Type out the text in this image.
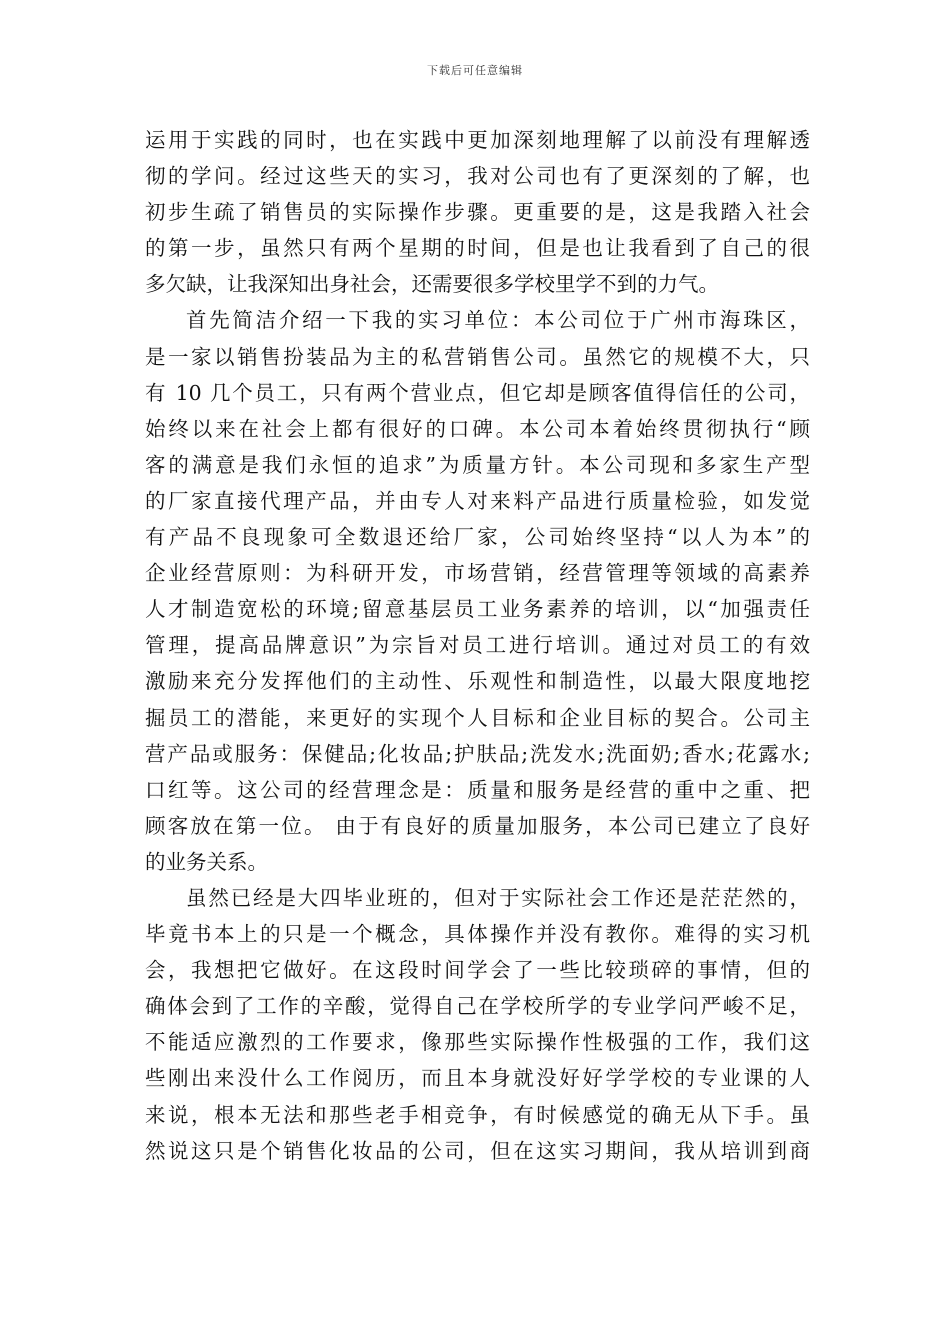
下载后可任意编辑
运用于实践的同时，也在实践中更加深刻地理解了以前没有理解透
彻的学问。经过这些天的实习，我对公司也有了更深刻的了解，也
初步生疏了销售员的实际操作步骤。更重要的是，这是我踏入社会
的第一步，虽然只有两个星期的时间，但是也让我看到了自己的很
多欠缺，让我深知出身社会，还需要很多学校里学不到的力气。
首先简洁介绍一下我的实习单位：本公司位于广州市海珠区，
是一家以销售扮装品为主的私营销售公司。虽然它的规模不大，只
有 10 几个员工，只有两个营业点，但它却是顾客值得信任的公司，
始终以来在社会上都有很好的口碑。本公司本着始终贯彻执行“顾
客的满意是我们永恒的追求”为质量方针。本公司现和多家生产型
的厂家直接代理产品，并由专人对来料产品进行质量检验，如发觉
有产品不良现象可全数退还给厂家，公司始终坚持“以人为本”的
企业经营原则：为科研开发，市场营销，经营管理等领域的高素养
人才制造宽松的环境;留意基层员工业务素养的培训，以“加强责任
管理，提高品牌意识”为宗旨对员工进行培训。通过对员工的有效
激励来充分发挥他们的主动性、乐观性和制造性，以最大限度地挖
掘员工的潜能，来更好的实现个人目标和企业目标的契合。公司主
营产品或服务：保健品;化妆品;护肤品;洗发水;洗面奶;香水;花露水;
口红等。这公司的经营理念是：质量和服务是经营的重中之重、把
顾客放在第一位。 由于有良好的质量加服务，本公司已建立了良好
的业务关系。
虽然已经是大四毕业班的，但对于实际社会工作还是茫茫然的，
毕竟书本上的只是一个概念，具体操作并没有教你。难得的实习机
会，我想把它做好。在这段时间学会了一些比较琐碎的事情，但的
确体会到了工作的辛酸，觉得自己在学校所学的专业学问严峻不足，
不能适应激烈的工作要求，像那些实际操作性极强的工作，我们这
些刚出来没什么工作阅历，而且本身就没好好学学校的专业课的人
来说，根本无法和那些老手相竞争，有时候感觉的确无从下手。虽
然说这只是个销售化妆品的公司，但在这实习期间，我从培训到商
